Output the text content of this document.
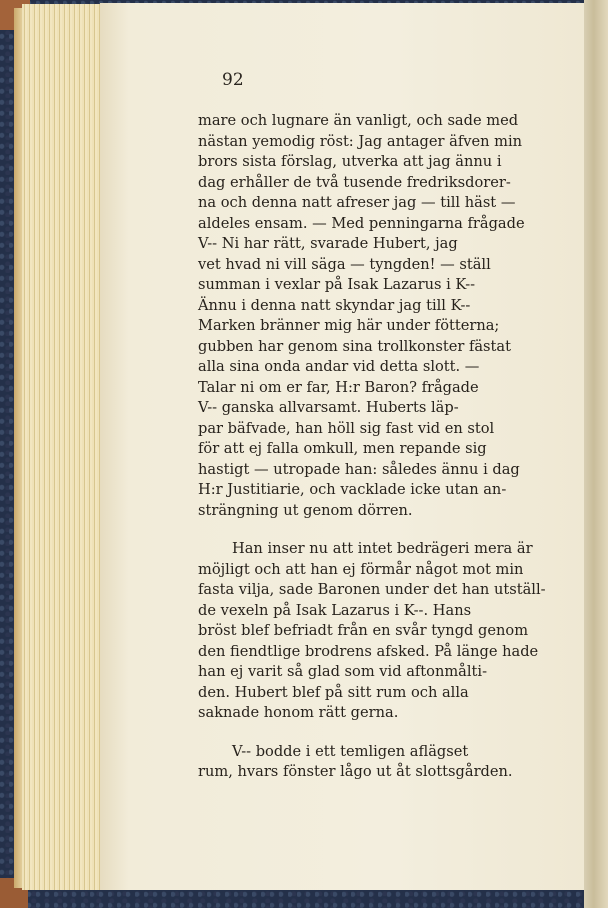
92
mare och lugnare än vanligt, och sade med
nästan yemodig röst: Jag antager äfven min
brors sista förslag, utverka att jag ännu i
dag erhåller de två tusende fredriksdorer-
na och denna natt afreser jag — till häst —
aldeles ensam. — Med penningarna frågade
V-- Ni har rätt, svarade Hubert, jag
vet hvad ni vill säga — tyngden! — ställ
summan i vexlar på Isak Lazarus i K--
Ännu i denna natt skyndar jag till K--
Marken bränner mig här under fötterna;
gubben har genom sina trollkonster fästat
alla sina onda andar vid detta slott. —
Talar ni om er far, H:r Baron? frågade
V-- ganska allvarsamt. Huberts läp-
par bäfvade, han höll sig fast vid en stol
för att ej falla omkull, men repande sig
hastigt — utropade han: således ännu i dag
H:r Justitiarie, och vacklade icke utan an-
strängning ut genom dörren.
Han inser nu att intet bedrägeri mera är
möjligt och att han ej förmår något mot min
fasta vilja, sade Baronen under det han utställ-
de vexeln på Isak Lazarus i K--. Hans
bröst blef befriadt från en svår tyngd genom
den fiendtlige brodrens afsked. På länge hade
han ej varit så glad som vid aftonmålti-
den. Hubert blef på sitt rum och alla
saknade honom rätt gerna.
V-- bodde i ett temligen aflägset
rum, hvars fönster lågo ut åt slottsgården.
